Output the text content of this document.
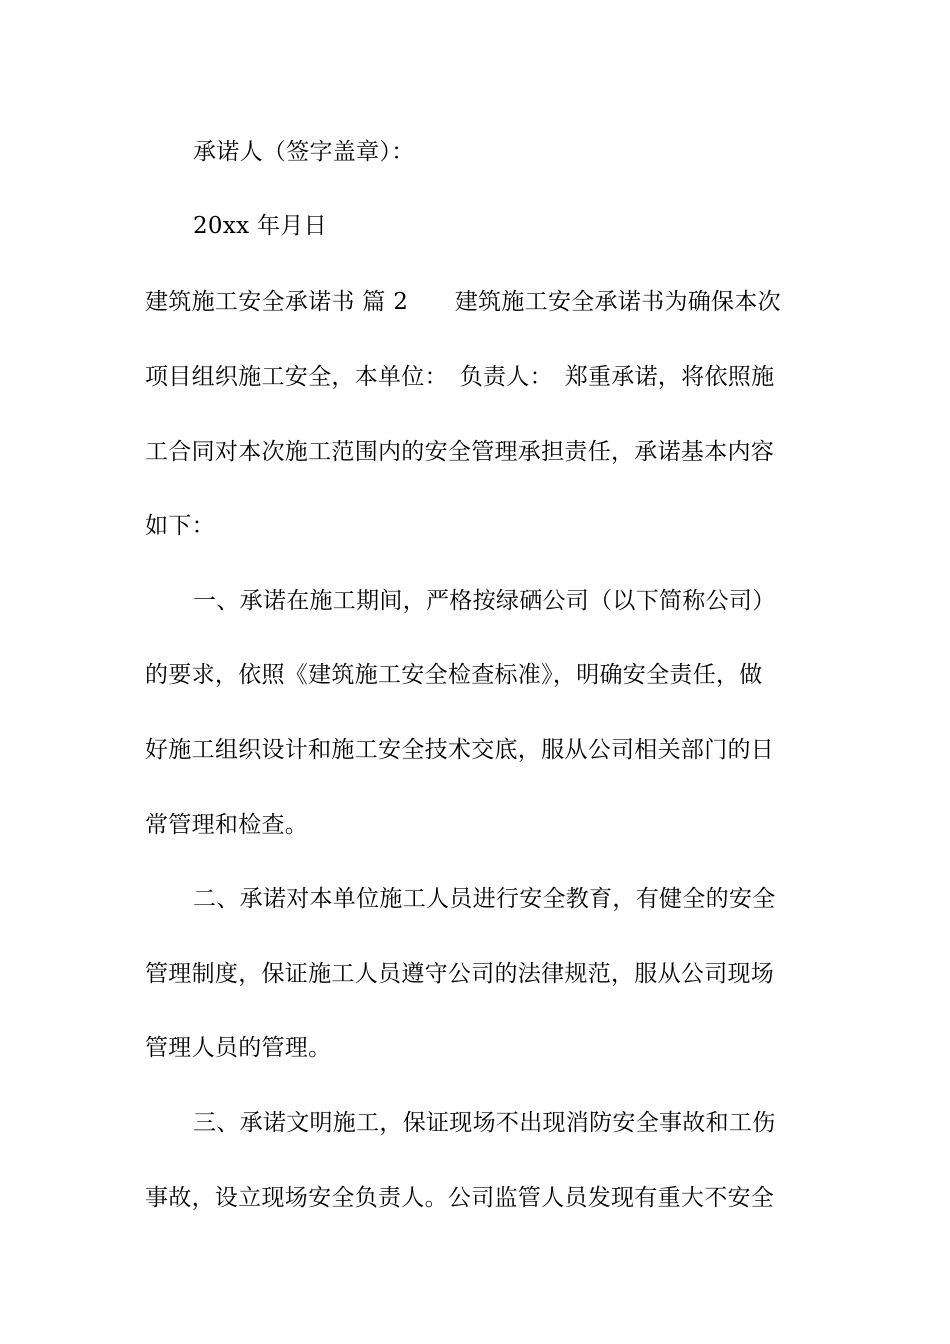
承诺人（签字盖章）：
20xx 年月日
建筑施工安全承诺书 篇 2　　建筑施工安全承诺书为确保本次
项目组织施工安全，本单位：　负责人：　郑重承诺，将依照施
工合同对本次施工范围内的安全管理承担责任，承诺基本内容
如下：
一、承诺在施工期间，严格按绿硒公司（以下简称公司）
的要求，依照《建筑施工安全检查标准》，明确安全责任，做
好施工组织设计和施工安全技术交底，服从公司相关部门的日
常管理和检查。
二、承诺对本单位施工人员进行安全教育，有健全的安全
管理制度，保证施工人员遵守公司的法律规范，服从公司现场
管理人员的管理。
三、承诺文明施工，保证现场不出现消防安全事故和工伤
事故，设立现场安全负责人。公司监管人员发现有重大不安全
